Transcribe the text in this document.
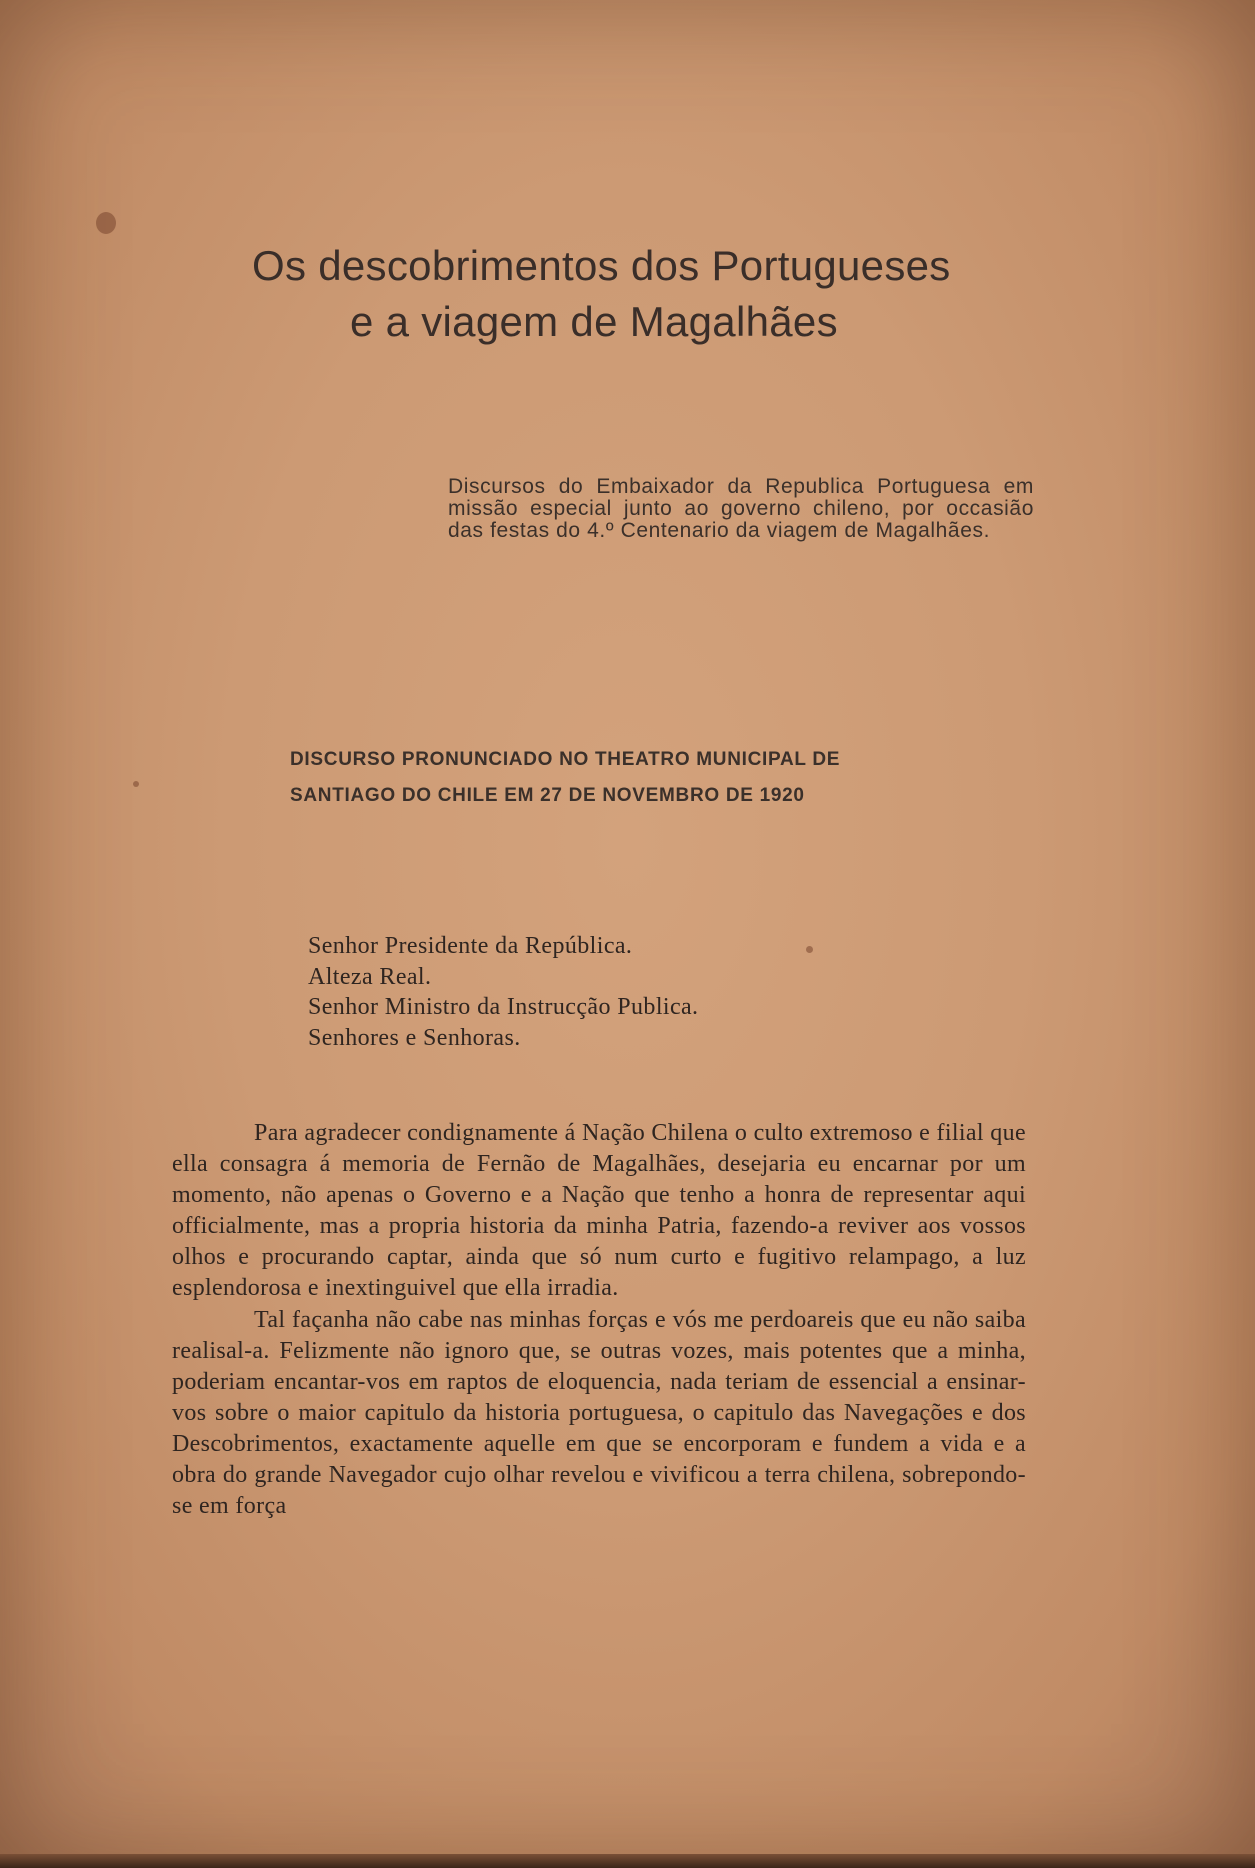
Os descobrimentos dos Portugueses
e a viagem de Magalhães

Discursos do Embaixador da Republica Portuguesa em missão especial junto ao governo chileno, por occasião das festas do 4.º Centenario da viagem de Magalhães.

DISCURSO PRONUNCIADO NO THEATRO MUNICIPAL DE
SANTIAGO DO CHILE EM 27 DE NOVEMBRO DE 1920
Senhor Presidente da República.
Alteza Real.
Senhor Ministro da Instrucção Publica.
Senhores e Senhoras.

Para agradecer condignamente á Nação Chilena o culto extremoso e filial que ella consagra á memoria de Fernão de Magalhães, desejaria eu encarnar por um momento, não apenas o Governo e a Nação que tenho a honra de representar aqui officialmente, mas a propria historia da minha Patria, fazendo-a reviver aos vossos olhos e procurando captar, ainda que só num curto e fugitivo relampago, a luz esplendorosa e inextinguivel que ella irradia.

Tal façanha não cabe nas minhas forças e vós me perdoareis que eu não saiba realisal-a. Felizmente não ignoro que, se outras vozes, mais potentes que a minha, poderiam encantar-vos em raptos de eloquencia, nada teriam de essencial a ensinar-vos sobre o maior capitulo da historia portuguesa, o capitulo das Navegações e dos Descobrimentos, exactamente aquelle em que se encorporam e fundem a vida e a obra do grande Navegador cujo olhar revelou e vivificou a terra chilena, sobrepondo-se em força
